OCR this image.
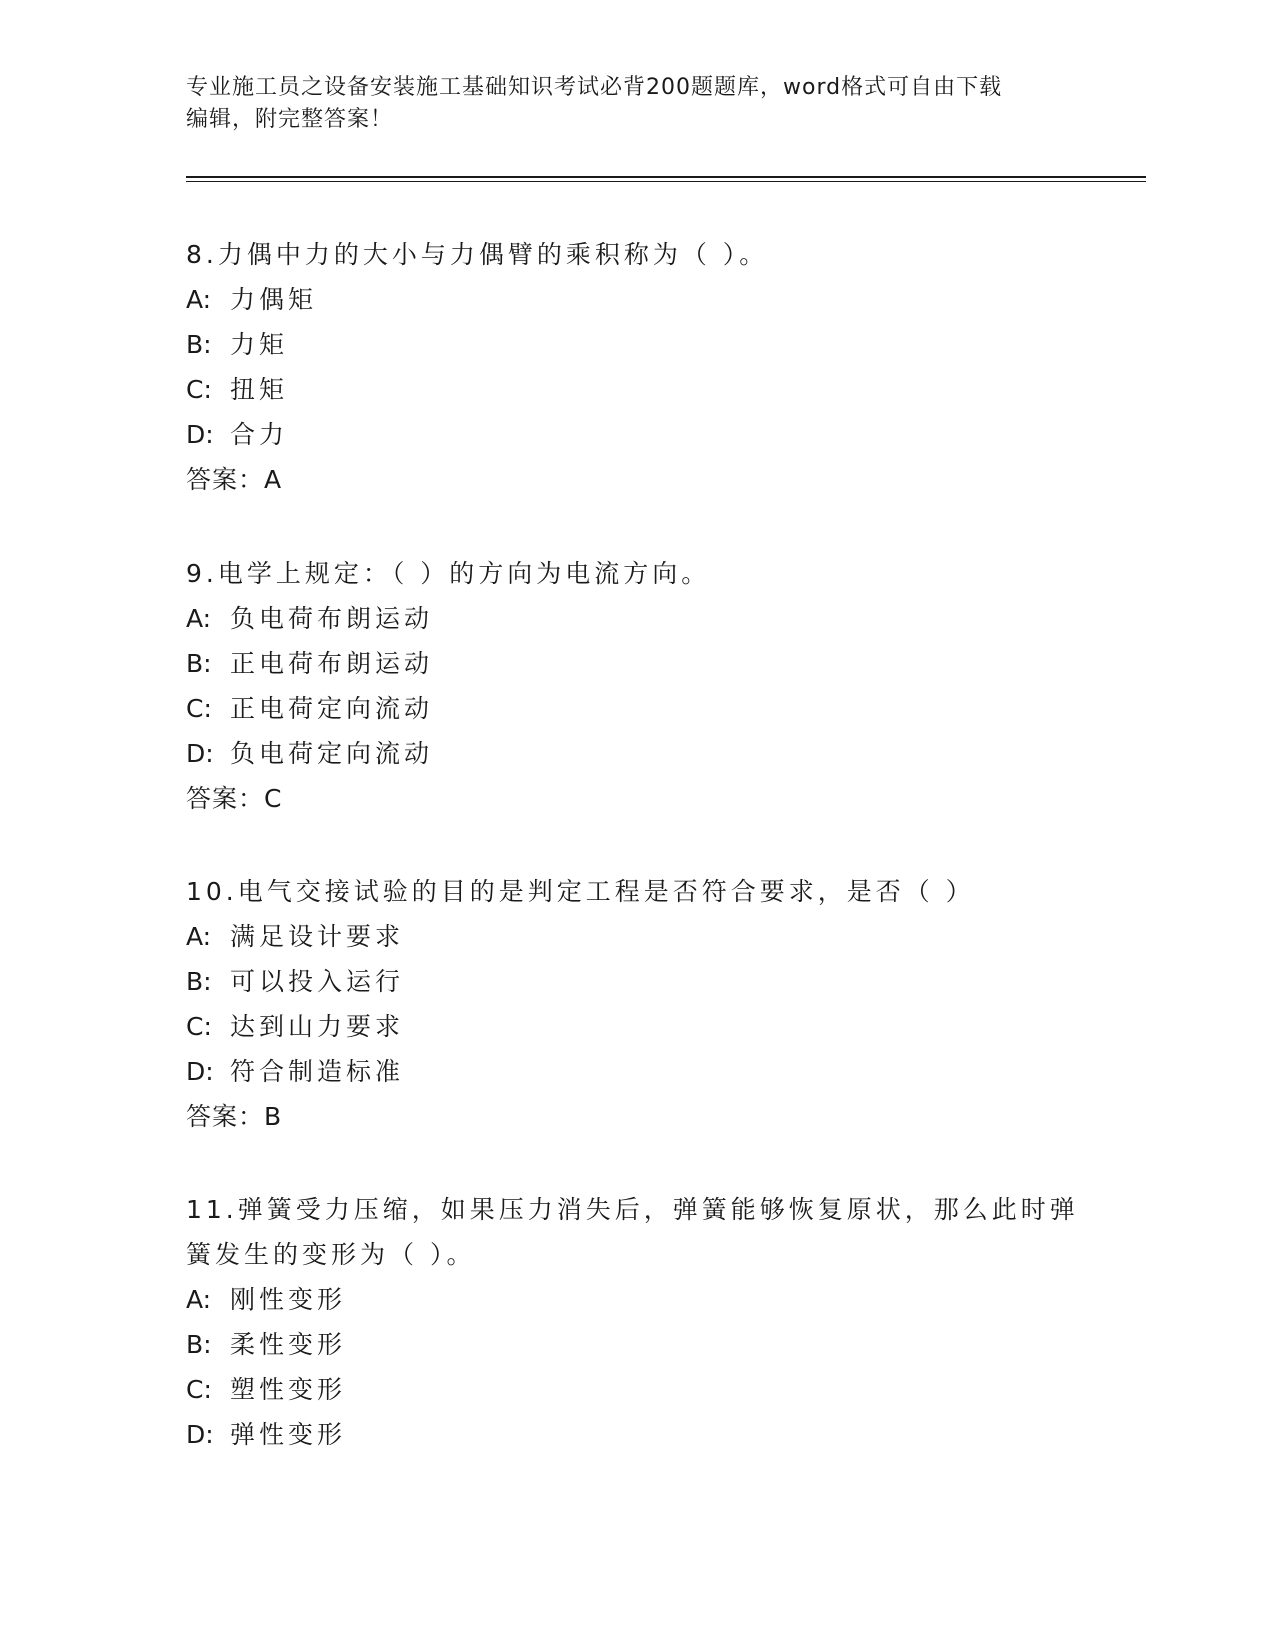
专业施工员之设备安装施工基础知识考试必背200题题库，word格式可自由下载
编辑，附完整答案！

8.力偶中力的大小与力偶臂的乘积称为（ ）。

A: 力偶矩

B: 力矩

C: 扭矩

D: 合力

答案：A

9.电学上规定：（ ）的方向为电流方向。

A: 负电荷布朗运动

B: 正电荷布朗运动

C: 正电荷定向流动

D: 负电荷定向流动

答案：C

10.电气交接试验的目的是判定工程是否符合要求，是否（ ）

A: 满足设计要求

B: 可以投入运行

C: 达到山力要求

D: 符合制造标准

答案：B

11.弹簧受力压缩，如果压力消失后，弹簧能够恢复原状，那么此时弹

簧发生的变形为（ ）。

A: 刚性变形

B: 柔性变形

C: 塑性变形

D: 弹性变形
